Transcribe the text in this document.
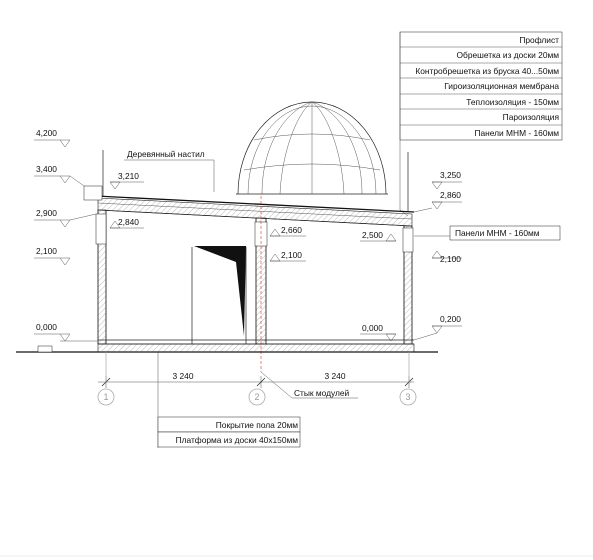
Профлист
Обрешетка из доски 20мм
Контробрешетка из бруска 40...50мм
Гироизоляционная мембрана
Теплоизоляция - 150мм
Пароизоляция
Панели МНМ - 160мм
Деревянный настил
4,200
3,400
2,900
2,100
0,000
3,250
2,860
2,100
0,200
Панели МНМ - 160мм
3,210
2,840
2,660
2,100
2,500
0,000
3 240	3 240
1	2	3
Стык модулей
Покрытие пола 20мм
Платформа из доски 40x150мм
